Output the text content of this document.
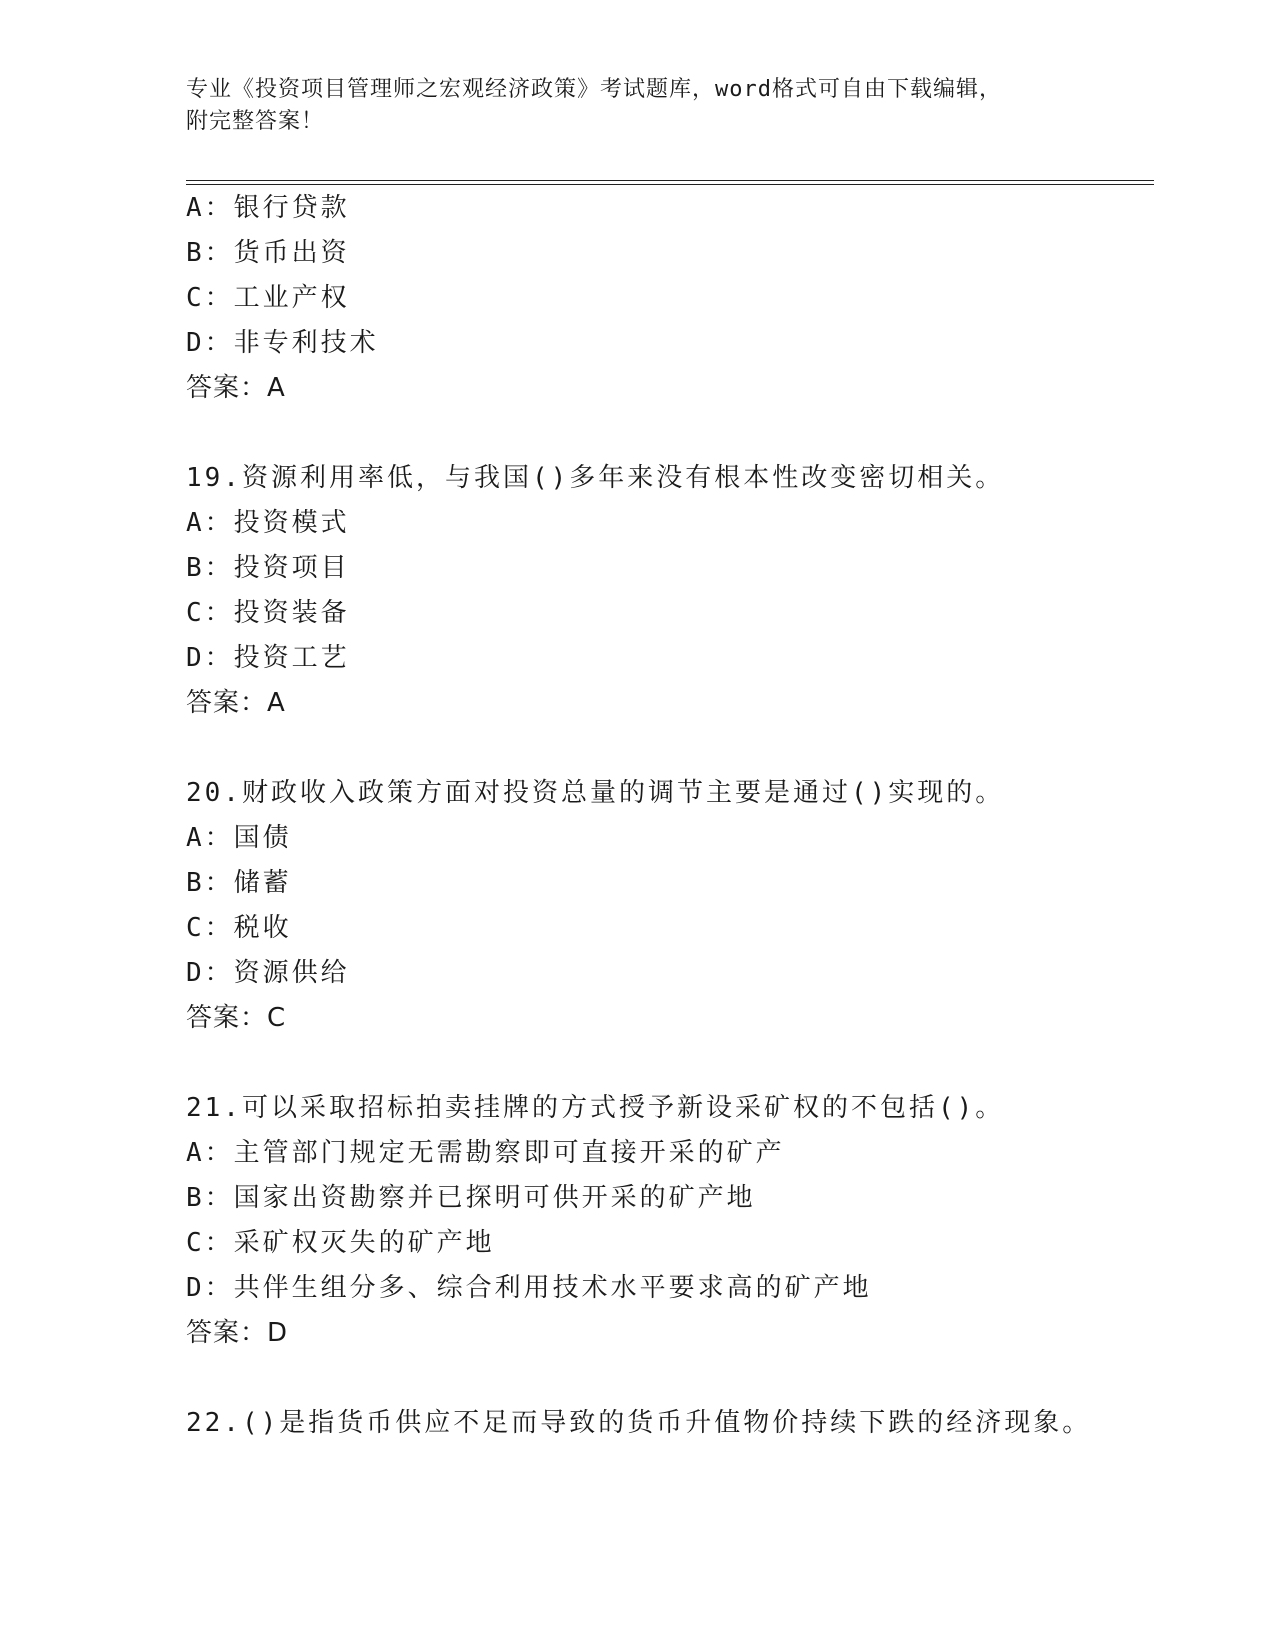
专业《投资项目管理师之宏观经济政策》考试题库，word格式可自由下载编辑，
附完整答案！
A：银行贷款
B：货币出资
C：工业产权
D：非专利技术
答案：A
19.资源利用率低，与我国()多年来没有根本性改变密切相关。
A：投资模式
B：投资项目
C：投资装备
D：投资工艺
答案：A
20.财政收入政策方面对投资总量的调节主要是通过()实现的。
A：国债
B：储蓄
C：税收
D：资源供给
答案：C
21.可以采取招标拍卖挂牌的方式授予新设采矿权的不包括()。
A：主管部门规定无需勘察即可直接开采的矿产
B：国家出资勘察并已探明可供开采的矿产地
C：采矿权灭失的矿产地
D：共伴生组分多、综合利用技术水平要求高的矿产地
答案：D
22.()是指货币供应不足而导致的货币升值物价持续下跌的经济现象。
